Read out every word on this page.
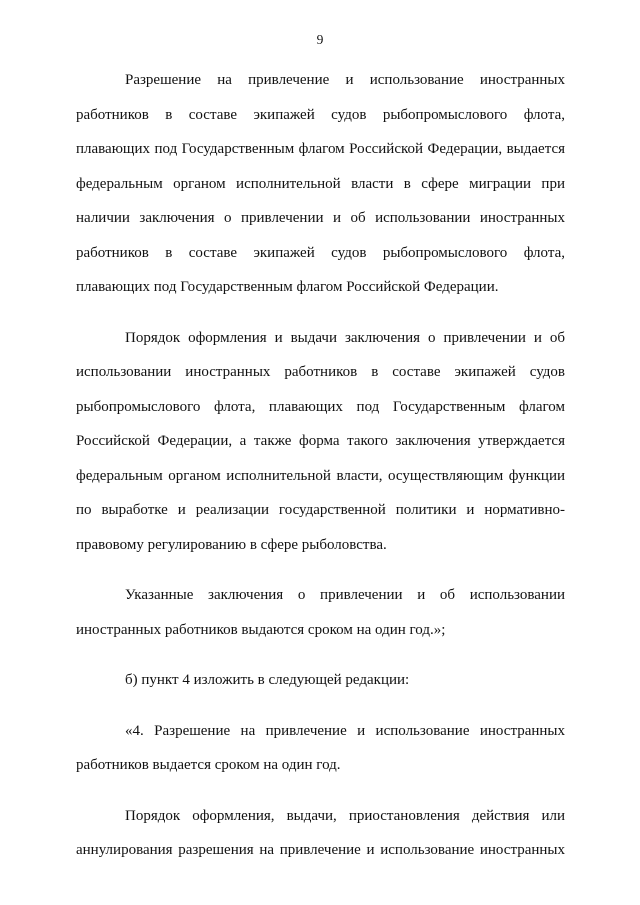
9

Разрешение на привлечение и использование иностранных работников в составе экипажей судов рыбопромыслового флота, плавающих под Государственным флагом Российской Федерации, выдается федеральным органом исполнительной власти в сфере миграции при наличии заключения о привлечении и об использовании иностранных работников в составе экипажей судов рыбопромыслового флота, плавающих под Государственным флагом Российской Федерации.

Порядок оформления и выдачи заключения о привлечении и об использовании иностранных работников в составе экипажей судов рыбопромыслового флота, плавающих под Государственным флагом Российской Федерации, а также форма такого заключения утверждается федеральным органом исполнительной власти, осуществляющим функции по выработке и реализации государственной политики и нормативно-правовому регулированию в сфере рыболовства.

Указанные заключения о привлечении и об использовании иностранных работников выдаются сроком на один год.»;

б) пункт 4 изложить в следующей редакции:

«4. Разрешение на привлечение и использование иностранных работников выдается сроком на один год.

Порядок оформления, выдачи, приостановления действия или аннулирования разрешения на привлечение и использование иностранных
